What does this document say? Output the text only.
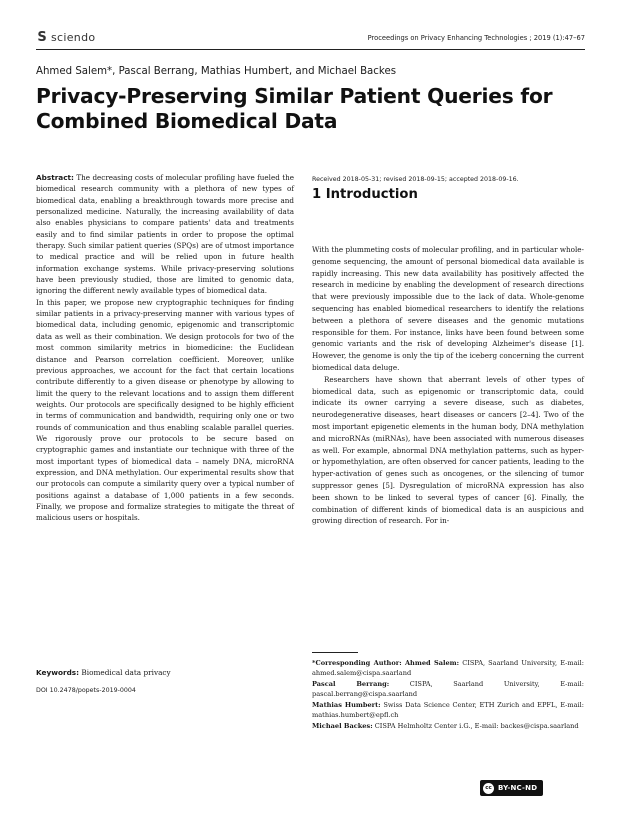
S sciendo	Proceedings on Privacy Enhancing Technologies ; 2019 (1):47–67
Ahmed Salem*, Pascal Berrang, Mathias Humbert, and Michael Backes
Privacy-Preserving Similar Patient Queries for Combined Biomedical Data

Abstract: The decreasing costs of molecular profiling have fueled the biomedical research community with a plethora of new types of biomedical data, enabling a breakthrough towards more precise and personalized medicine. Naturally, the increasing availability of data also enables physicians to compare patients' data and treatments easily and to find similar patients in order to propose the optimal therapy. Such similar patient queries (SPQs) are of utmost importance to medical practice and will be relied upon in future health information exchange systems. While privacy-preserving solutions have been previously studied, those are limited to genomic data, ignoring the different newly available types of biomedical data.

In this paper, we propose new cryptographic techniques for finding similar patients in a privacy-preserving manner with various types of biomedical data, including genomic, epigenomic and transcriptomic data as well as their combination. We design protocols for two of the most common similarity metrics in biomedicine: the Euclidean distance and Pearson correlation coefficient. Moreover, unlike previous approaches, we account for the fact that certain locations contribute differently to a given disease or phenotype by allowing to limit the query to the relevant locations and to assign them different weights. Our protocols are specifically designed to be highly efficient in terms of communication and bandwidth, requiring only one or two rounds of communication and thus enabling scalable parallel queries. We rigorously prove our protocols to be secure based on cryptographic games and instantiate our technique with three of the most important types of biomedical data – namely DNA, microRNA expression, and DNA methylation. Our experimental results show that our protocols can compute a similarity query over a typical number of positions against a database of 1,000 patients in a few seconds. Finally, we propose and formalize strategies to mitigate the threat of malicious users or hospitals.

Keywords: Biomedical data privacy
DOI 10.2478/popets-2019-0004
Received 2018-05-31; revised 2018-09-15; accepted 2018-09-16.
1 Introduction

With the plummeting costs of molecular profiling, and in particular whole-genome sequencing, the amount of personal biomedical data available is rapidly increasing. This new data availability has positively affected the research in medicine by enabling the development of research directions that were previously impossible due to the lack of data. Whole-genome sequencing has enabled biomedical researchers to identify the relations between a plethora of severe diseases and the genomic mutations responsible for them. For instance, links have been found between some genomic variants and the risk of developing Alzheimer's disease [1]. However, the genome is only the tip of the iceberg concerning the current biomedical data deluge.

Researchers have shown that aberrant levels of other types of biomedical data, such as epigenomic or transcriptomic data, could indicate its owner carrying a severe disease, such as diabetes, neurodegenerative diseases, heart diseases or cancers [2–4]. Two of the most important epigenetic elements in the human body, DNA methylation and microRNAs (miRNAs), have been associated with numerous diseases as well. For example, abnormal DNA methylation patterns, such as hyper- or hypomethylation, are often observed for cancer patients, leading to the hyper-activation of genes such as oncogenes, or the silencing of tumor suppressor genes [5]. Dysregulation of microRNA expression has also been shown to be linked to several types of cancer [6]. Finally, the combination of different kinds of biomedical data is an auspicious and growing direction of research. For in-

*Corresponding Author: Ahmed Salem: CISPA, Saarland University, E-mail: ahmed.salem@cispa.saarland

Pascal Berrang: CISPA, Saarland University, E-mail: pascal.berrang@cispa.saarland

Mathias Humbert: Swiss Data Science Center, ETH Zurich and EPFL, E-mail: mathias.humbert@epfl.ch

Michael Backes: CISPA Helmholtz Center i.G., E-mail: backes@cispa.saarland

cc BY-NC-ND
